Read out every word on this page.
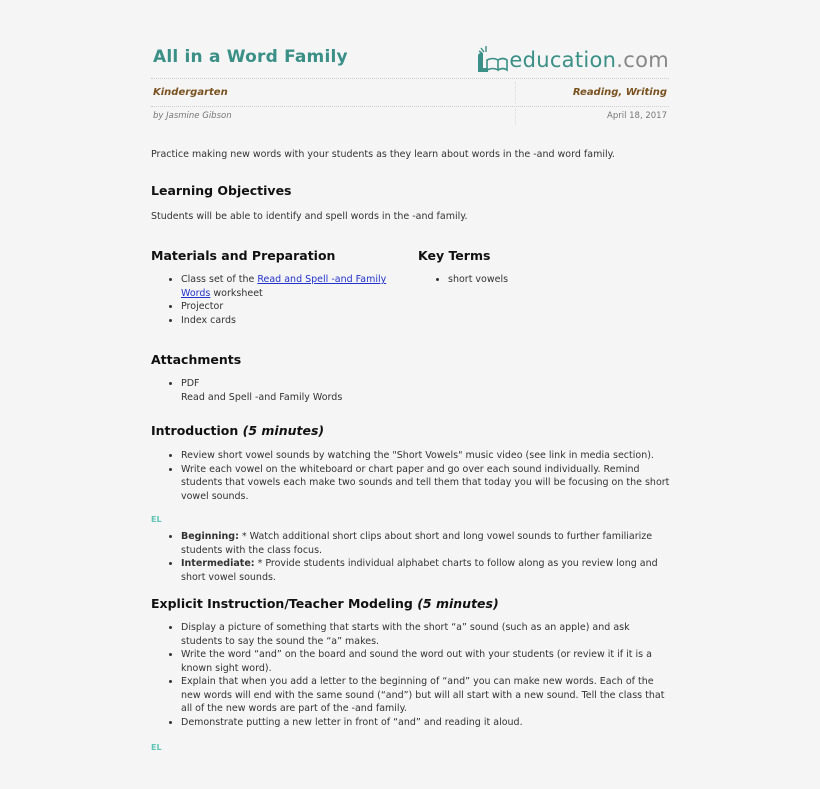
All in a Word Family	education.com
Kindergarten	Reading, Writing
by Jasmine Gibson	April 18, 2017
Practice making new words with your students as they learn about words in the -and word family.
Learning Objectives
Students will be able to identify and spell words in the -and family.
Materials and Preparation
• Class set of the Read and Spell -and Family Words worksheet
• Projector
• Index cards
Key Terms
• short vowels
Attachments
• PDF
Read and Spell -and Family Words
Introduction (5 minutes)
• Review short vowel sounds by watching the "Short Vowels" music video (see link in media section).
• Write each vowel on the whiteboard or chart paper and go over each sound individually. Remind students that vowels each make two sounds and tell them that today you will be focusing on the short vowel sounds.
EL
• Beginning: * Watch additional short clips about short and long vowel sounds to further familiarize students with the class focus.
• Intermediate: * Provide students individual alphabet charts to follow along as you review long and short vowel sounds.
Explicit Instruction/Teacher Modeling (5 minutes)
• Display a picture of something that starts with the short “a” sound (such as an apple) and ask students to say the sound the “a” makes.
• Write the word “and” on the board and sound the word out with your students (or review it if it is a known sight word).
• Explain that when you add a letter to the beginning of “and” you can make new words. Each of the new words will end with the same sound (“and”) but will all start with a new sound. Tell the class that all of the new words are part of the -and family.
• Demonstrate putting a new letter in front of “and” and reading it aloud.
EL
